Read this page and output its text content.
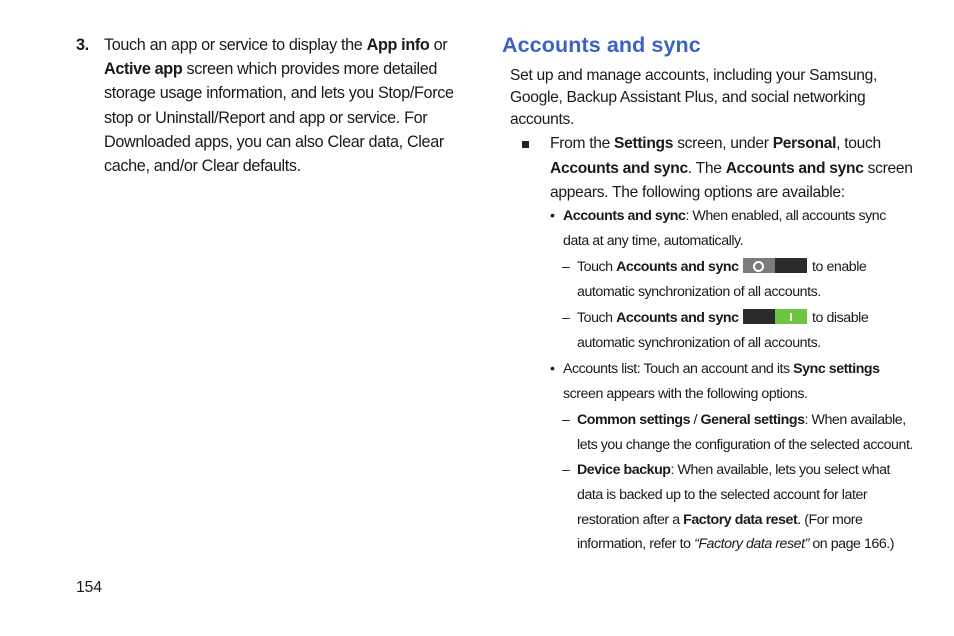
3. Touch an app or service to display the App info or Active app screen which provides more detailed storage usage information, and lets you Stop/Force stop or Uninstall/Report and app or service. For Downloaded apps, you can also Clear data, Clear cache, and/or Clear defaults.
Accounts and sync
Set up and manage accounts, including your Samsung, Google, Backup Assistant Plus, and social networking accounts.
From the Settings screen, under Personal, touch Accounts and sync. The Accounts and sync screen appears. The following options are available:
• Accounts and sync: When enabled, all accounts sync data at any time, automatically.
– Touch Accounts and sync	to enable automatic synchronization of all accounts.
– Touch Accounts and sync	to disable automatic synchronization of all accounts.
• Accounts list: Touch an account and its Sync settings screen appears with the following options.
– Common settings / General settings: When available, lets you change the configuration of the selected account.
– Device backup: When available, lets you select what data is backed up to the selected account for later restoration after a Factory data reset. (For more information, refer to “Factory data reset” on page 166.)
154
